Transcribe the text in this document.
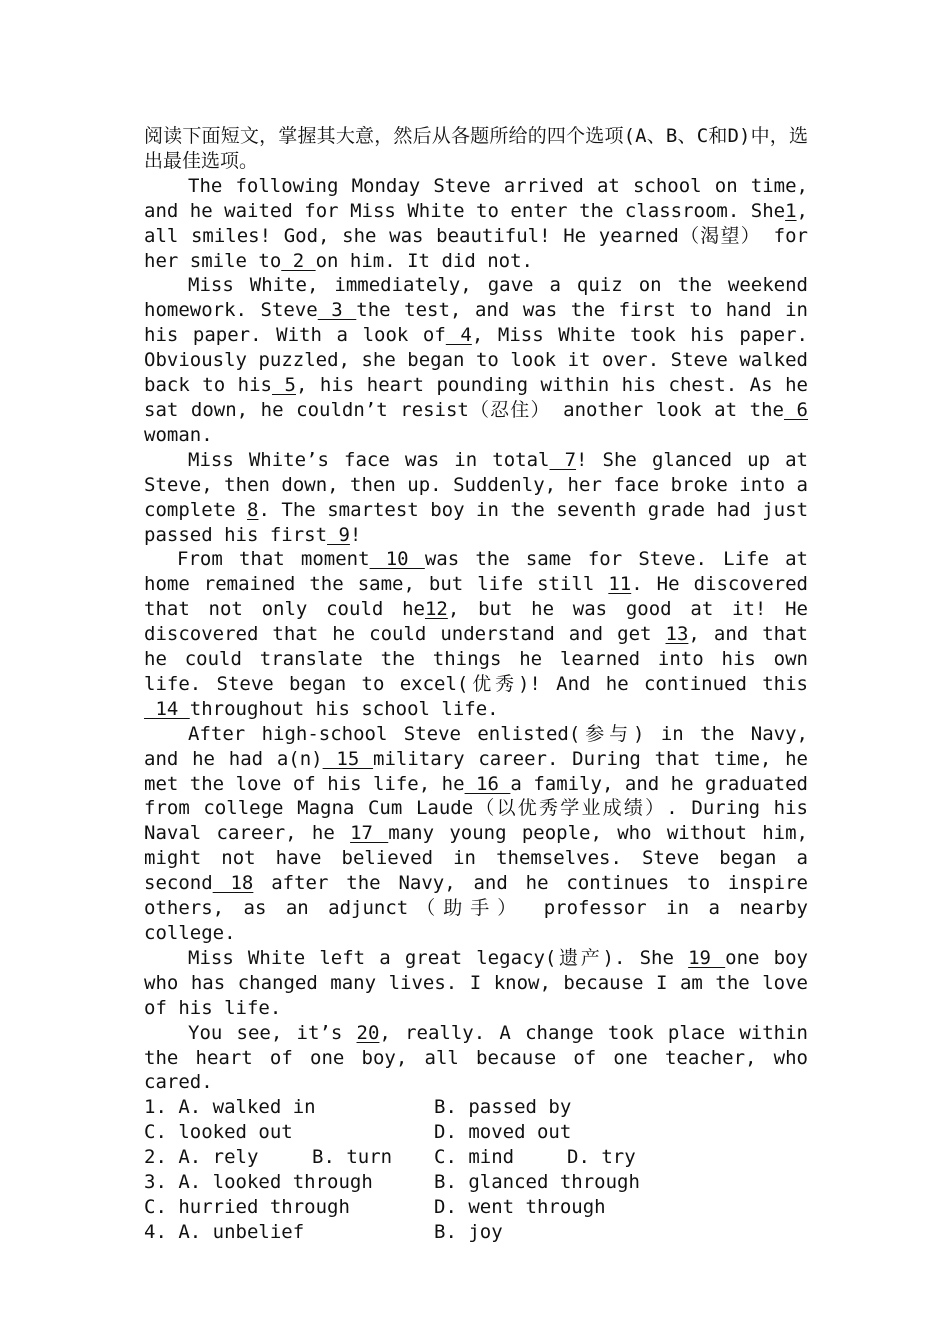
阅读下面短文，掌握其大意，然后从各题所给的四个选项(A、B、C和D)中，选出最佳选项。

The following Monday Steve arrived at school on time, and he waited for Miss White to enter the classroom. She1, all smiles! God, she was beautiful! He yearned（渴望） for her smile to 2 on him. It did not.

Miss White, immediately, gave a quiz on the weekend homework. Steve 3 the test, and was the first to hand in his paper. With a look of 4, Miss White took his paper. Obviously puzzled, she began to look it over. Steve walked back to his 5, his heart pounding within his chest. As he sat down, he couldn’t resist（忍住） another look at the 6 woman.

Miss White’s face was in total 7! She glanced up at Steve, then down, then up. Suddenly, her face broke into a complete 8. The smartest boy in the seventh grade had just passed his first 9!

From that moment 10 was the same for Steve. Life at home remained the same, but life still 11. He discovered that not only could he12, but he was good at it! He discovered that he could understand and get 13, and that he could translate the things he learned into his own life. Steve began to excel(优秀)! And he continued this 14 throughout his school life.

After high-school Steve enlisted(参与) in the Navy, and he had a(n) 15 military career. During that time, he met the love of his life, he 16 a family, and he graduated from college Magna Cum Laude（以优秀学业成绩）. During his Naval career, he 17 many young people, who without him, might not have believed in themselves. Steve began a second 18 after the Navy, and he continues to inspire others, as an adjunct（助手） professor in a nearby college.

Miss White left a great legacy(遗产). She 19 one boy who has changed many lives. I know, because I am the love of his life.

You see, it’s 20, really. A change took place within the heart of one boy, all because of one teacher, who cared.

1. A. walked in	B. passed by
C. looked out	D. moved out
2. A. rely	B. turn	C. mind	D. try
3. A. looked through	B. glanced through
C. hurried through	D. went through
4. A. unbelief	B. joy
